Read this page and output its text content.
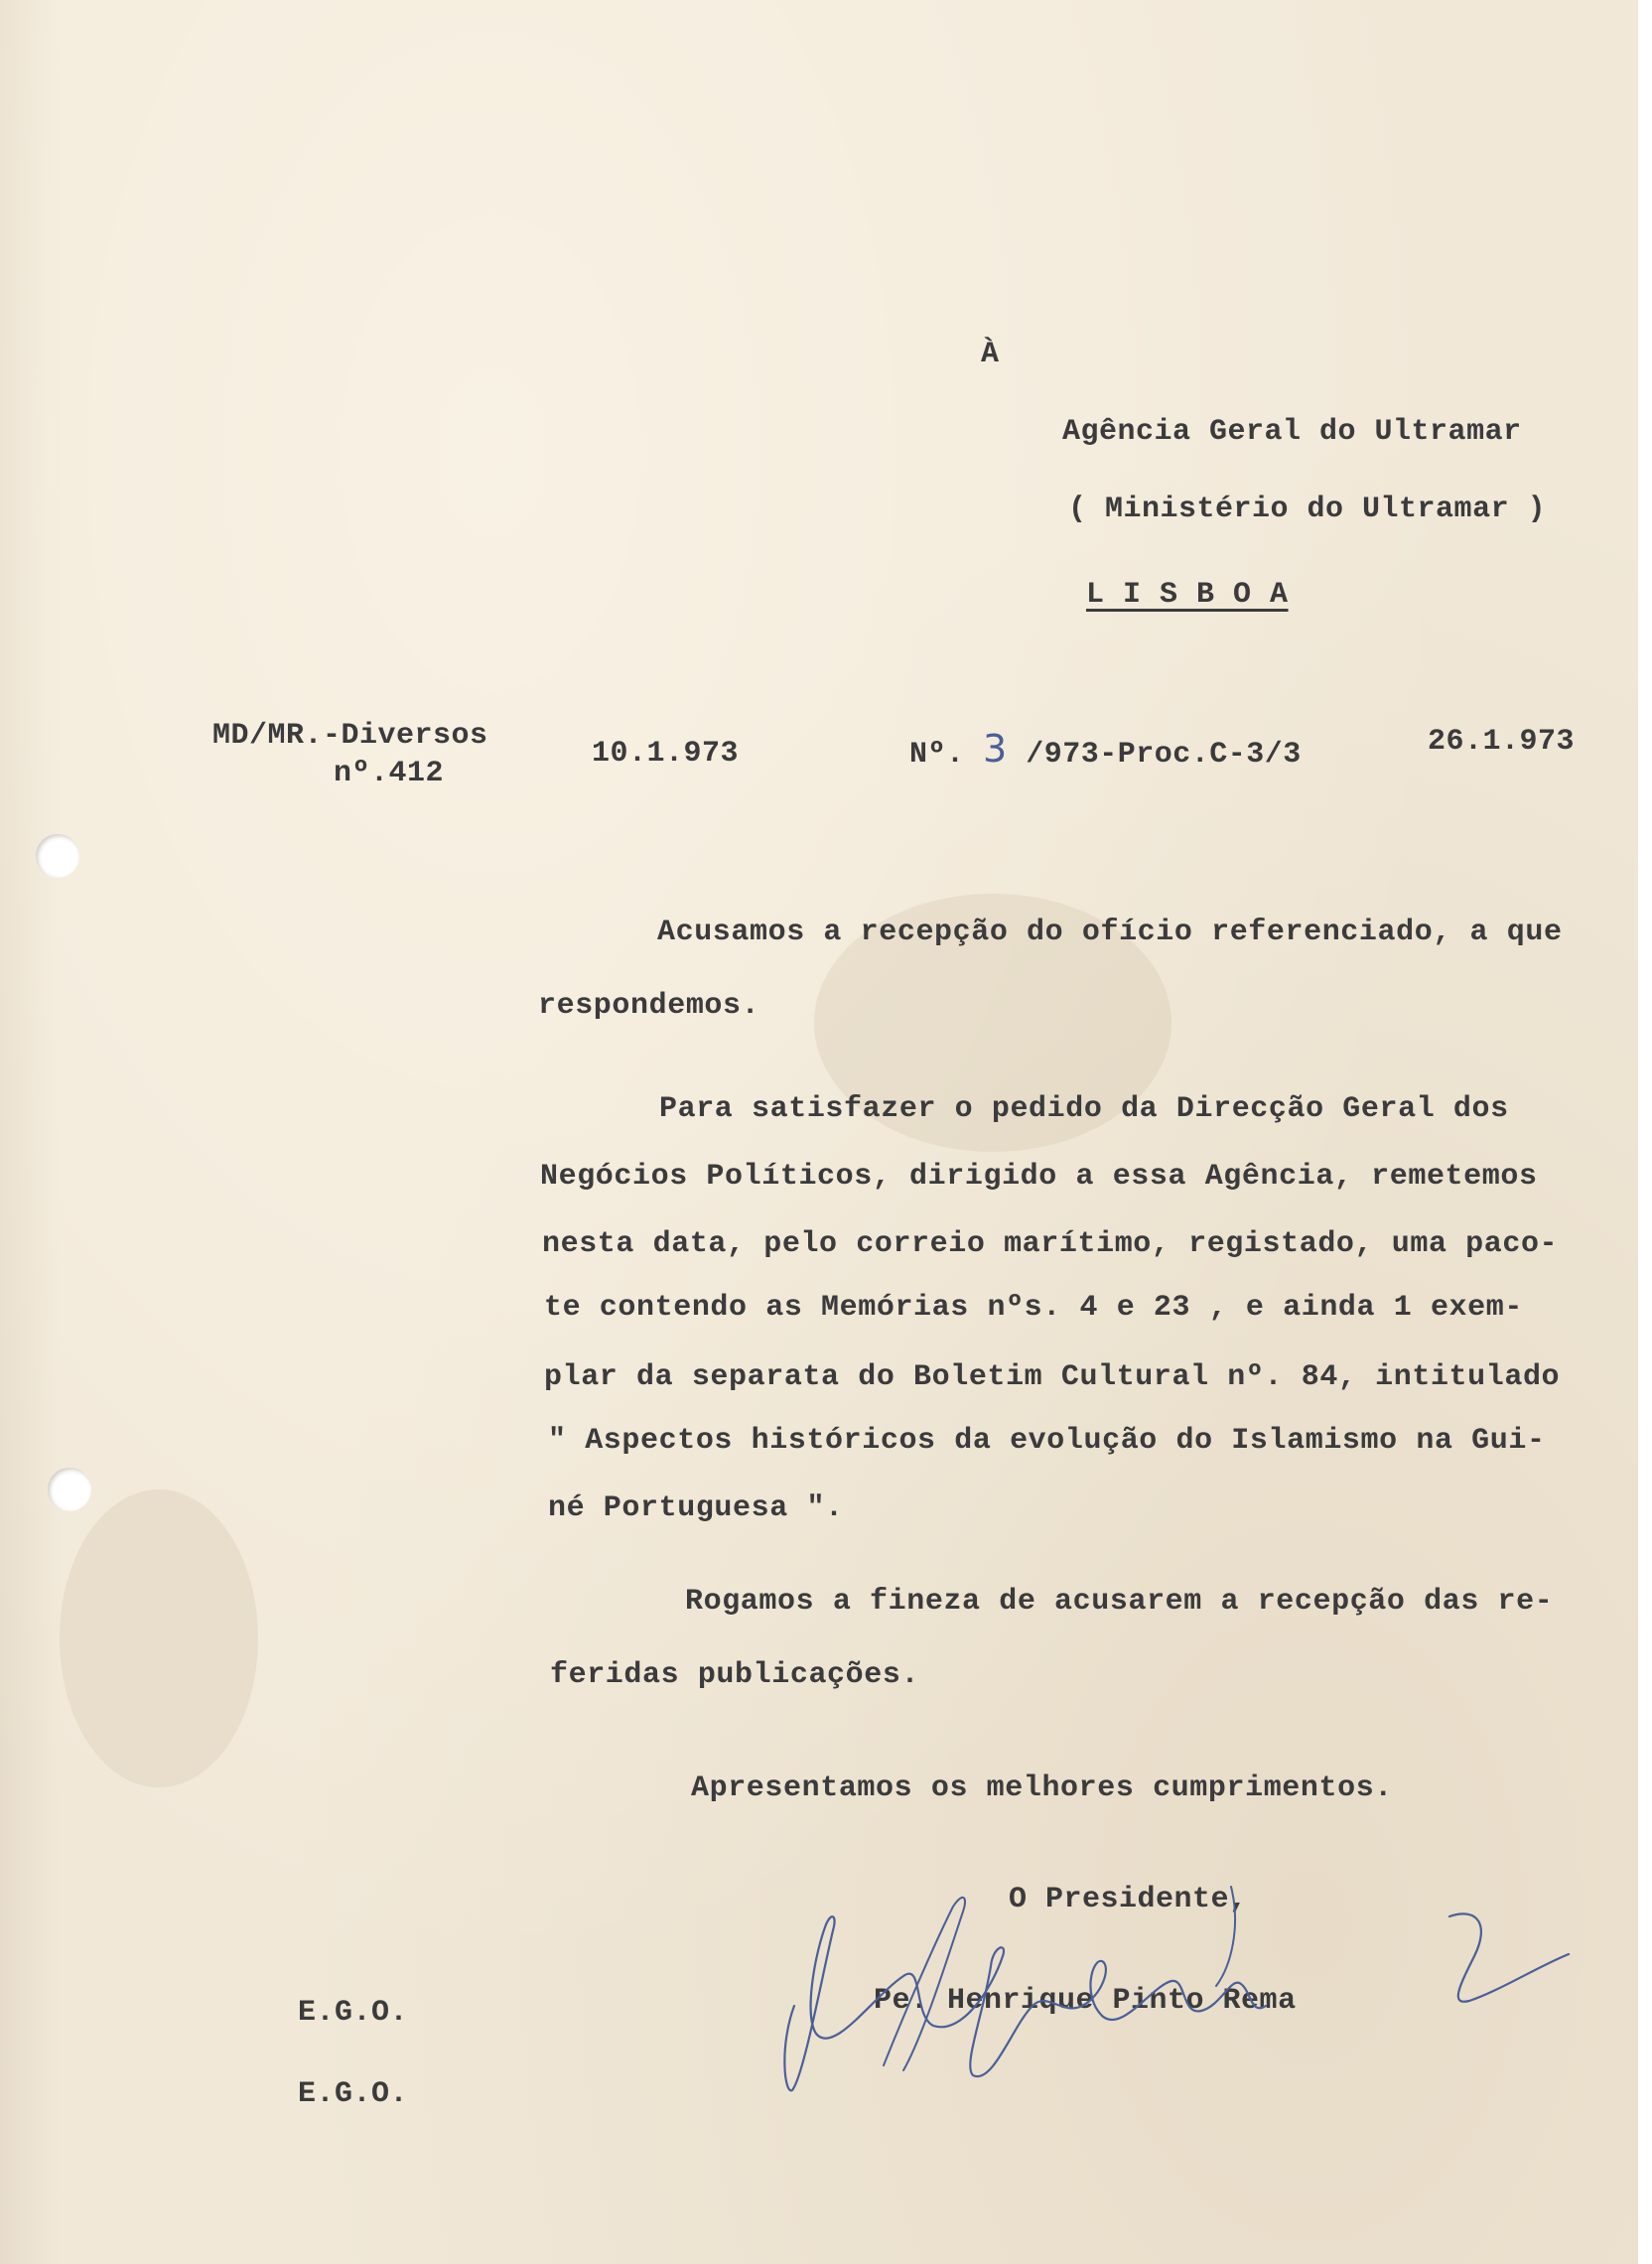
À
Agência Geral do Ultramar
( Ministério do Ultramar )
L I S B O A
MD/MR.-Diversos
nº.412
10.1.973	Nº. 3 /973-Proc.C-3/3	26.1.973
Acusamos a recepção do ofício referenciado, a que
respondemos.
Para satisfazer o pedido da Direcção Geral dos
Negócios Políticos, dirigido a essa Agência, remetemos
nesta data, pelo correio marítimo, registado, uma paco-
te contendo as Memórias nºs. 4 e 23 , e ainda 1 exem-
plar da separata do Boletim Cultural nº. 84, intitulado
" Aspectos históricos da evolução do Islamismo na Gui-
né Portuguesa ".
Rogamos a fineza de acusarem a recepção das re-
feridas publicações.
Apresentamos os melhores cumprimentos.
O Presidente,
Pe. Henrique Pinto Rema
E.G.O.
E.G.O.
